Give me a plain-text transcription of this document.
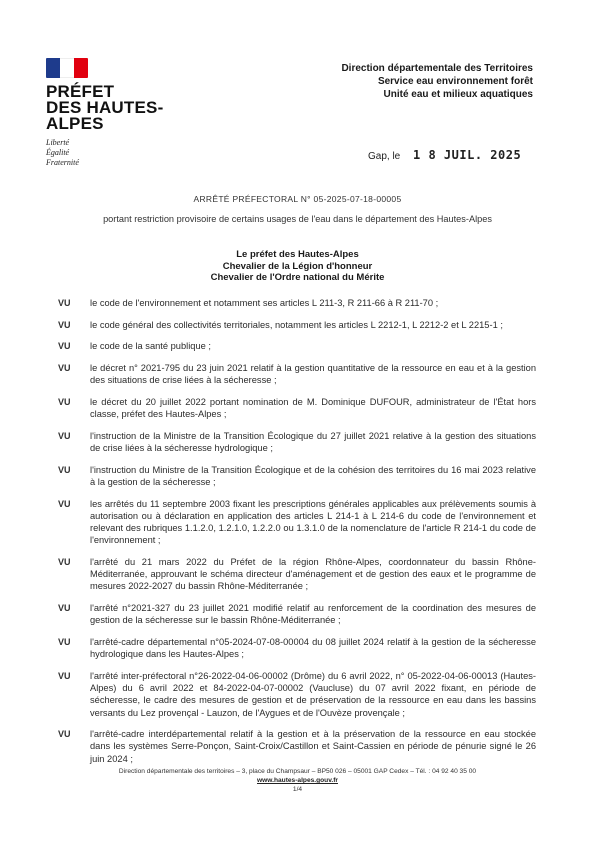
PRÉFET
DES HAUTES-
ALPES
Liberté
Égalité
Fraternité
Direction départementale des Territoires
Service eau environnement forêt
Unité eau et milieux aquatiques
Gap, le 1 8 JUIL. 2025
ARRÊTÉ PRÉFECTORAL N° 05-2025-07-18-00005
portant restriction provisoire de certains usages de l'eau dans le département des Hautes-Alpes
Le préfet des Hautes-Alpes
Chevalier de la Légion d'honneur
Chevalier de l'Ordre national du Mérite
VU	le code de l'environnement et notamment ses articles L 211-3, R 211-66 à R 211-70 ;
VU	le code général des collectivités territoriales, notamment les articles L 2212-1, L 2212-2 et L 2215-1 ;
VU	le code de la santé publique ;
VU	le décret n° 2021-795 du 23 juin 2021 relatif à la gestion quantitative de la ressource en eau et à la gestion des situations de crise liées à la sécheresse ;
VU	le décret du 20 juillet 2022 portant nomination de M. Dominique DUFOUR, administrateur de l'État hors classe, préfet des Hautes-Alpes ;
VU	l'instruction de la Ministre de la Transition Écologique du 27 juillet 2021 relative à la gestion des situations de crise liées à la sécheresse hydrologique ;
VU	l'instruction du Ministre de la Transition Écologique et de la cohésion des territoires du 16 mai 2023 relative à la gestion de la sécheresse ;
VU	les arrêtés du 11 septembre 2003 fixant les prescriptions générales applicables aux prélèvements soumis à autorisation ou à déclaration en application des articles L 214-1 à L 214-6 du code de l'environnement et relevant des rubriques 1.1.2.0, 1.2.1.0, 1.2.2.0 ou 1.3.1.0 de la nomenclature de l'article R 214-1 du code de l'environnement ;
VU	l'arrêté du 21 mars 2022 du Préfet de la région Rhône-Alpes, coordonnateur du bassin Rhône-Méditerranée, approuvant le schéma directeur d'aménagement et de gestion des eaux et le programme de mesures 2022-2027 du bassin Rhône-Méditerranée ;
VU	l'arrêté n°2021-327 du 23 juillet 2021 modifié relatif au renforcement de la coordination des mesures de gestion de la sécheresse sur le bassin Rhône-Méditerranée ;
VU	l'arrêté-cadre départemental n°05-2024-07-08-00004 du 08 juillet 2024 relatif à la gestion de la sécheresse hydrologique dans les Hautes-Alpes ;
VU	l'arrêté inter-préfectoral n°26-2022-04-06-00002 (Drôme) du 6 avril 2022, n° 05-2022-04-06-00013 (Hautes-Alpes) du 6 avril 2022 et 84-2022-04-07-00002 (Vaucluse) du 07 avril 2022 fixant, en période de sécheresse, le cadre des mesures de gestion et de préservation de la ressource en eau dans les bassins versants du Lez provençal - Lauzon, de l'Aygues et de l'Ouvèze provençale ;
VU	l'arrêté-cadre interdépartemental relatif à la gestion et à la préservation de la ressource en eau stockée dans les systèmes Serre-Ponçon, Saint-Croix/Castillon et Saint-Cassien en période de pénurie signé le 26 juin 2024 ;
Direction départementale des territoires – 3, place du Champsaur – BP50 026 – 05001 GAP Cedex – Tél. : 04 92 40 35 00
www.hautes-alpes.gouv.fr
1/4
